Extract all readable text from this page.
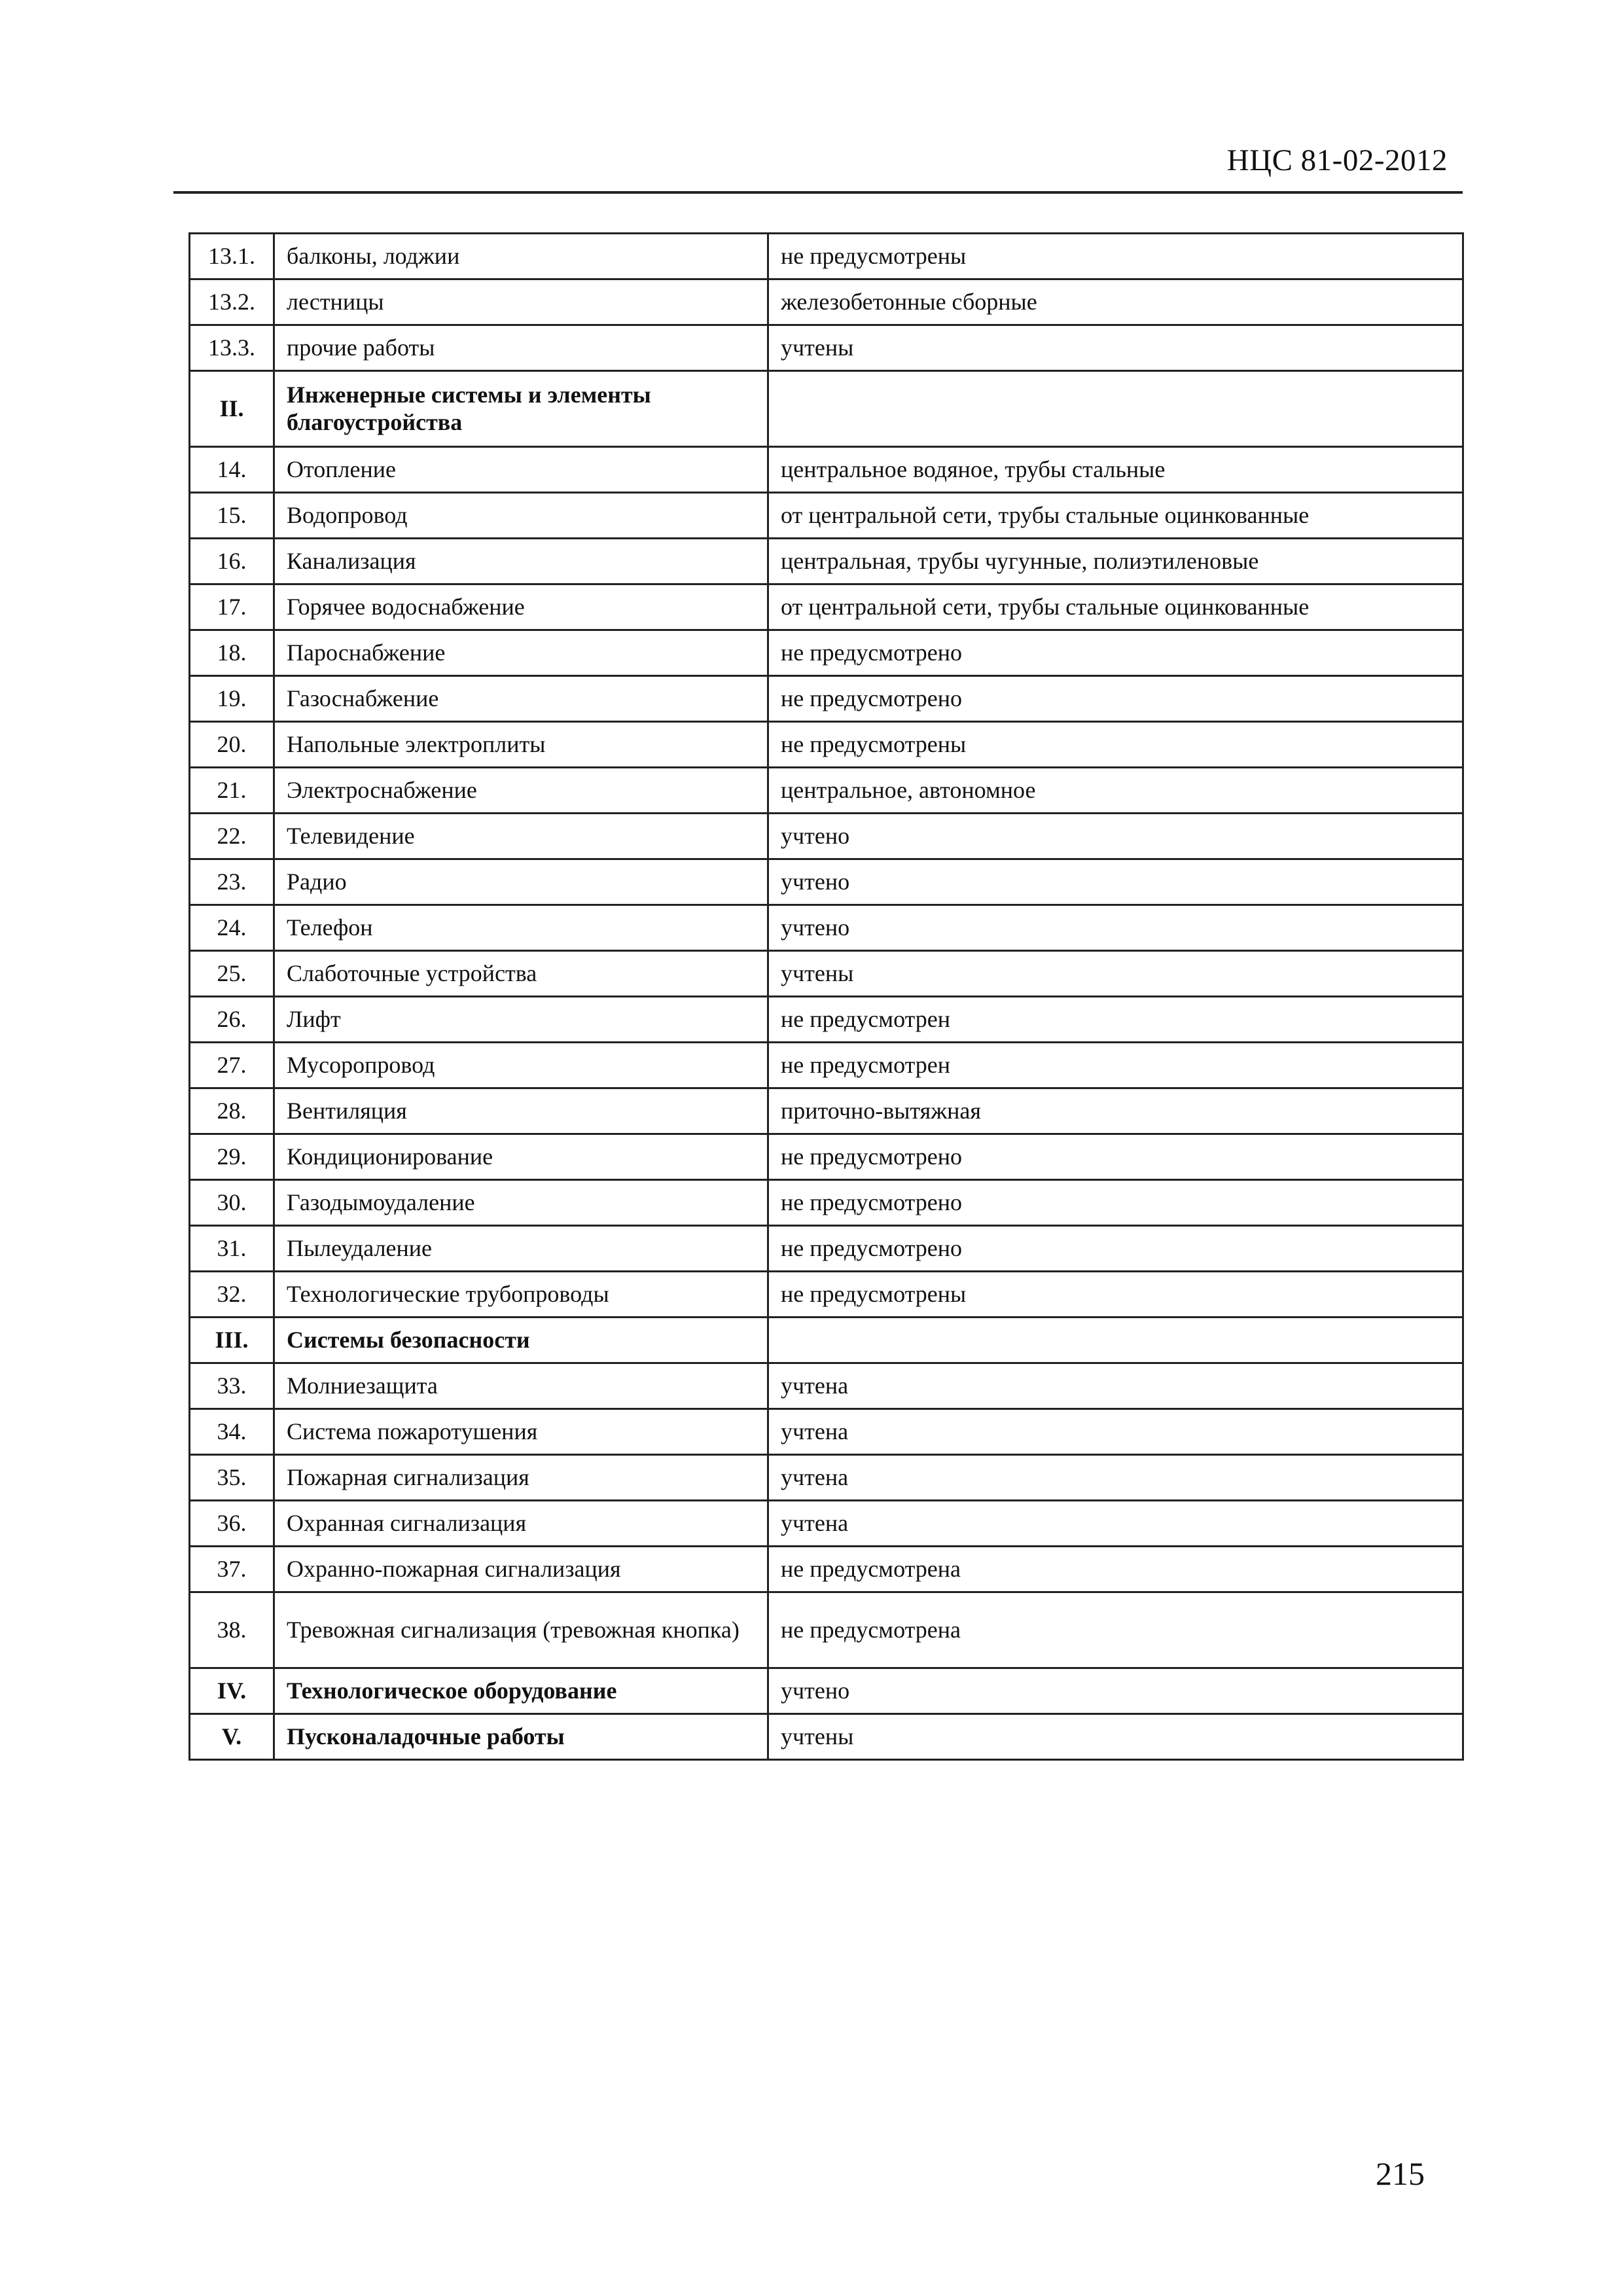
НЦС 81-02-2012
13.1.	балконы, лоджии	не предусмотрены
13.2.	лестницы	железобетонные сборные
13.3.	прочие работы	учтены
II.	Инженерные системы и элементы благоустройства	
14.	Отопление	центральное водяное, трубы стальные
15.	Водопровод	от центральной сети, трубы стальные оцинкованные
16.	Канализация	центральная, трубы чугунные, полиэтиленовые
17.	Горячее водоснабжение	от центральной сети, трубы стальные оцинкованные
18.	Пароснабжение	не предусмотрено
19.	Газоснабжение	не предусмотрено
20.	Напольные электроплиты	не предусмотрены
21.	Электроснабжение	центральное, автономное
22.	Телевидение	учтено
23.	Радио	учтено
24.	Телефон	учтено
25.	Слаботочные устройства	учтены
26.	Лифт	не предусмотрен
27.	Мусоропровод	не предусмотрен
28.	Вентиляция	приточно-вытяжная
29.	Кондиционирование	не предусмотрено
30.	Газодымоудаление	не предусмотрено
31.	Пылеудаление	не предусмотрено
32.	Технологические трубопроводы	не предусмотрены
III.	Системы безопасности	
33.	Молниезащита	учтена
34.	Система пожаротушения	учтена
35.	Пожарная сигнализация	учтена
36.	Охранная сигнализация	учтена
37.	Охранно-пожарная сигнализация	не предусмотрена
38.	Тревожная сигнализация (тревожная кнопка)	не предусмотрена
IV.	Технологическое оборудование	учтено
V.	Пусконаладочные работы	учтены
215
